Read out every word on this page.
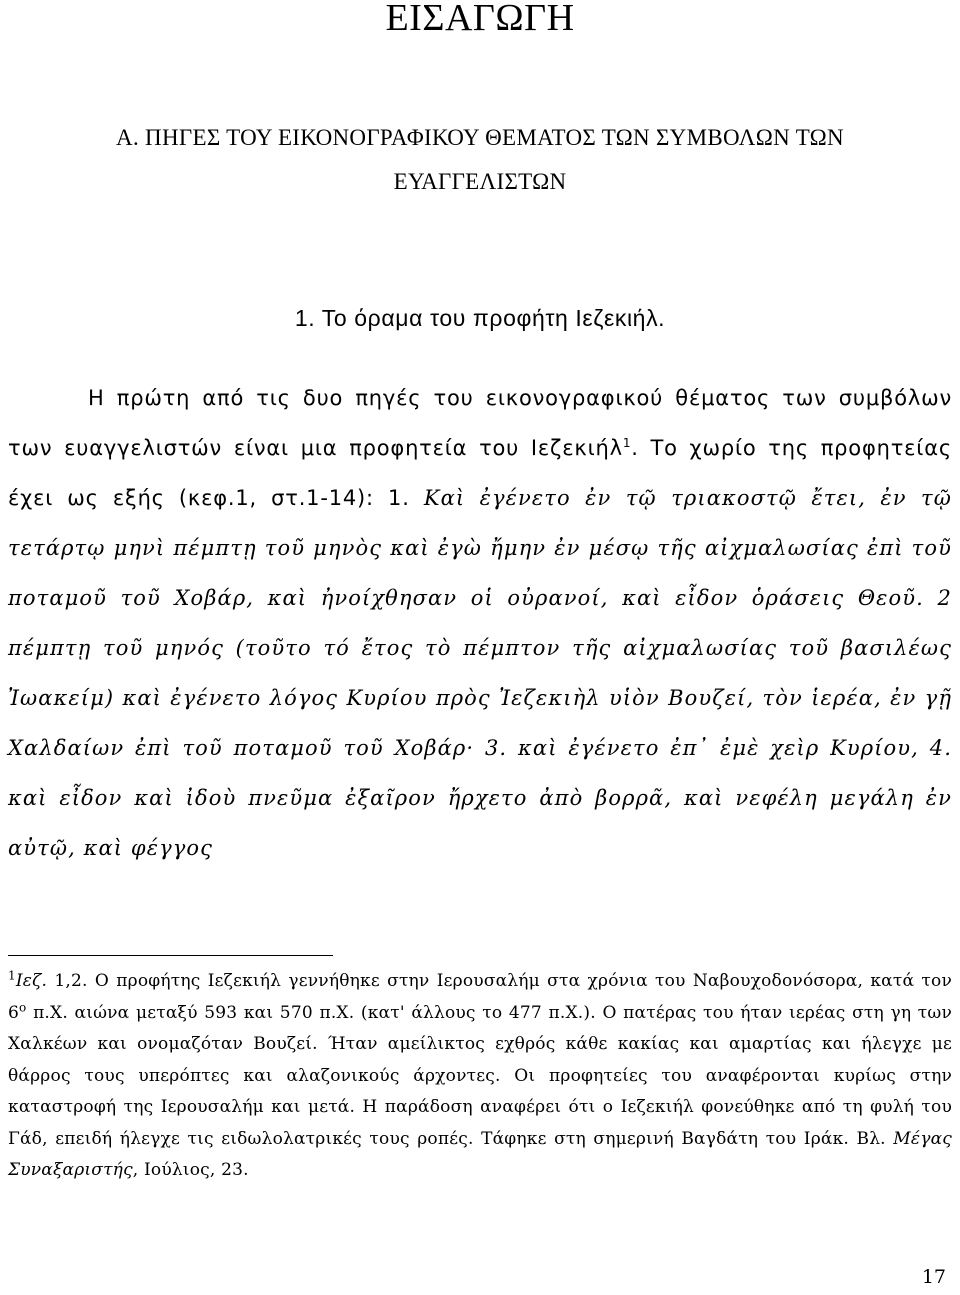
ΕΙΣΑΓΩΓΗ
Α. ΠΗΓΕΣ ΤΟΥ ΕΙΚΟΝΟΓΡΑΦΙΚΟΥ ΘΕΜΑΤΟΣ ΤΩΝ ΣΥΜΒΟΛΩΝ ΤΩΝ ΕΥΑΓΓΕΛΙΣΤΩΝ
1. Το όραμα του προφήτη Ιεζεκιήλ.

Η πρώτη από τις δυο πηγές του εικονογραφικού θέματος των συμβόλων των ευαγγελιστών είναι μια προφητεία του Ιεζεκιήλ$^1$. Το χωρίο της προφητείας έχει ως εξής (κεφ.1, στ.1-14): 1. Καὶ ἐγένετο ἐν τῷ τριακοστῷ ἔτει, ἐν τῷ τετάρτῳ μηνὶ πέμπτῃ τοῦ μηνὸς καὶ ἐγὼ ἤμην ἐν μέσῳ τῆς αἰχμαλωσίας ἐπὶ τοῦ ποταμοῦ τοῦ Χοβάρ, καὶ ἠνοίχθησαν οἱ οὐρανοί, καὶ εἶδον ὁράσεις Θεοῦ. 2 πέμπτῃ τοῦ μηνός (τοῦτο τό ἔτος τὸ πέμπτον τῆς αἰχμαλωσίας τοῦ βασιλέως Ἰωακείμ) καὶ ἐγένετο λόγος Κυρίου πρὸς Ἰεζεκιὴλ υἱὸν Βουζεί, τὸν ἱερέα, ἐν γῇ Χαλδαίων ἐπὶ τοῦ ποταμοῦ τοῦ Χοβάρ· 3. καὶ ἐγένετο ἐπ᾽ ἐμὲ χεὶρ Κυρίου, 4. καὶ εἶδον καὶ ἰδοὺ πνεῦμα ἐξαῖρον ἤρχετο ἀπὸ βορρᾶ, καὶ νεφέλη μεγάλη ἐν αὐτῷ, καὶ φέγγος

$^1$Ιεζ. 1,2. Ο προφήτης Ιεζεκιήλ γεννήθηκε στην Ιερουσαλήμ στα χρόνια του Ναβουχοδονόσορα, κατά τον $6^o$ π.Χ. αιώνα μεταξύ 593 και 570 π.Χ. (κατ' άλλους το 477 π.Χ.). Ο πατέρας του ήταν ιερέας στη γη των Χαλκέων και ονομαζόταν Βουζεί. Ήταν αμείλικτος εχθρός κάθε κακίας και αμαρτίας και ήλεγχε με θάρρος τους υπερόπτες και αλαζονικούς άρχοντες. Οι προφητείες του αναφέρονται κυρίως στην καταστροφή της Ιερουσαλήμ και μετά. Η παράδοση αναφέρει ότι ο Ιεζεκιήλ φονεύθηκε από τη φυλή του Γάδ, επειδή ήλεγχε τις ειδωλολατρικές τους ροπές. Τάφηκε στη σημερινή Βαγδάτη του Ιράκ. Βλ. Μέγας Συναξαριστής, Ιούλιος, 23.

17
